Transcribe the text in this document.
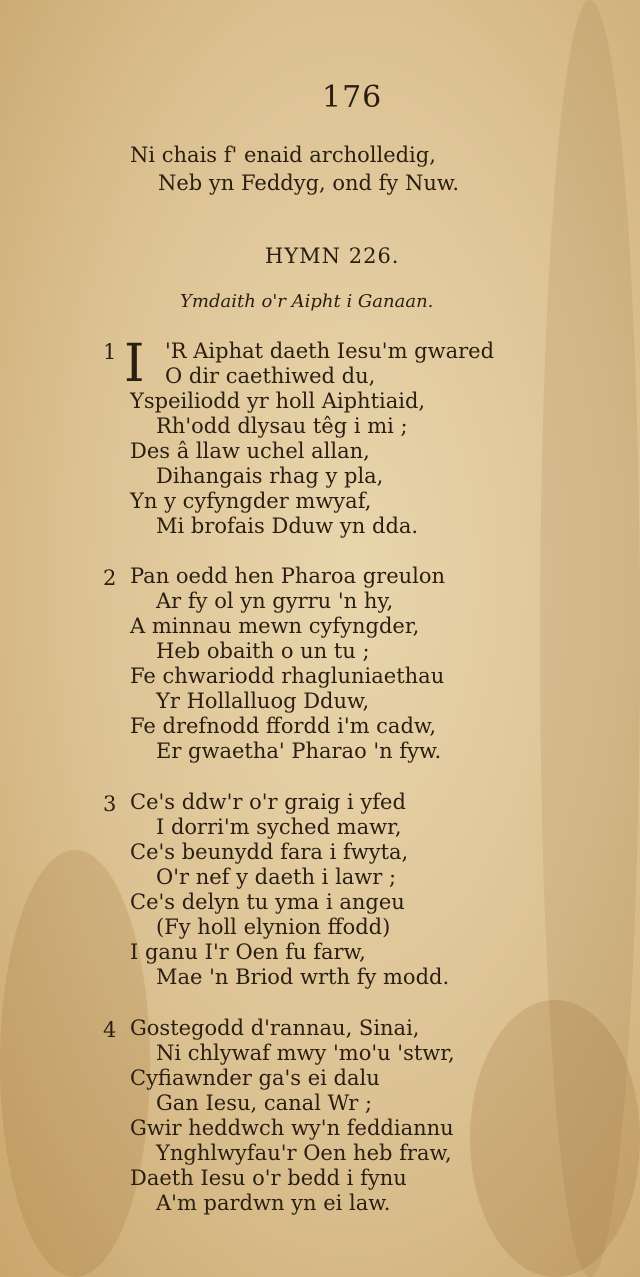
176
Ni chais f' enaid archolledig,
Neb yn Feddyg, ond fy Nuw.
HYMN 226.
Ymdaith o'r Aipht i Ganaan.
1 I 'R Aiphat daeth Iesu'm gwared
O dir caethiwed du,
Yspeiliodd yr holl Aiphtiaid,
Rh'odd dlysau têg i mi ;
Des â llaw uchel allan,
Dihangais rhag y pla,
Yn y cyfyngder mwyaf,
Mi brofais Dduw yn dda.
2 Pan oedd hen Pharoa greulon
Ar fy ol yn gyrru 'n hy,
A minnau mewn cyfyngder,
Heb obaith o un tu ;
Fe chwariodd rhagluniaethau
Yr Hollalluog Dduw,
Fe drefnodd ffordd i'm cadw,
Er gwaetha' Pharao 'n fyw.
3 Ce's ddw'r o'r graig i yfed
I dorri'm syched mawr,
Ce's beunydd fara i fwyta,
O'r nef y daeth i lawr ;
Ce's delyn tu yma i angeu
(Fy holl elynion ffodd)
I ganu I'r Oen fu farw,
Mae 'n Briod wrth fy modd.
4 Gostegodd d'rannau, Sinai,
Ni chlywaf mwy 'mo'u 'stwr,
Cyfiawnder ga's ei dalu
Gan Iesu, canal Wr ;
Gwir heddwch wy'n feddiannu
Ynghlwyfau'r Oen heb fraw,
Daeth Iesu o'r bedd i fynu
A'm pardwn yn ei law.
